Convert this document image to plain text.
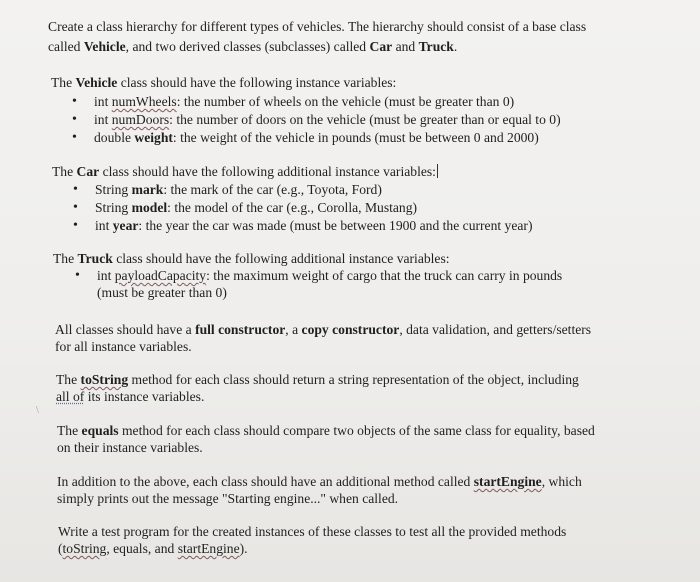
Create a class hierarchy for different types of vehicles. The hierarchy should consist of a base class
called Vehicle, and two derived classes (subclasses) called Car and Truck.
The Vehicle class should have the following instance variables:
• int numWheels: the number of wheels on the vehicle (must be greater than 0)
• int numDoors: the number of doors on the vehicle (must be greater than or equal to 0)
• double weight: the weight of the vehicle in pounds (must be between 0 and 2000)
The Car class should have the following additional instance variables:
• String mark: the mark of the car (e.g., Toyota, Ford)
• String model: the model of the car (e.g., Corolla, Mustang)
• int year: the year the car was made (must be between 1900 and the current year)
The Truck class should have the following additional instance variables:
• int payloadCapacity: the maximum weight of cargo that the truck can carry in pounds
(must be greater than 0)
All classes should have a full constructor, a copy constructor, data validation, and getters/setters
for all instance variables.
The toString method for each class should return a string representation of the object, including
all of its instance variables.
\
The equals method for each class should compare two objects of the same class for equality, based
on their instance variables.
In addition to the above, each class should have an additional method called startEngine, which
simply prints out the message "Starting engine..." when called.
Write a test program for the created instances of these classes to test all the provided methods
(toString, equals, and startEngine).
